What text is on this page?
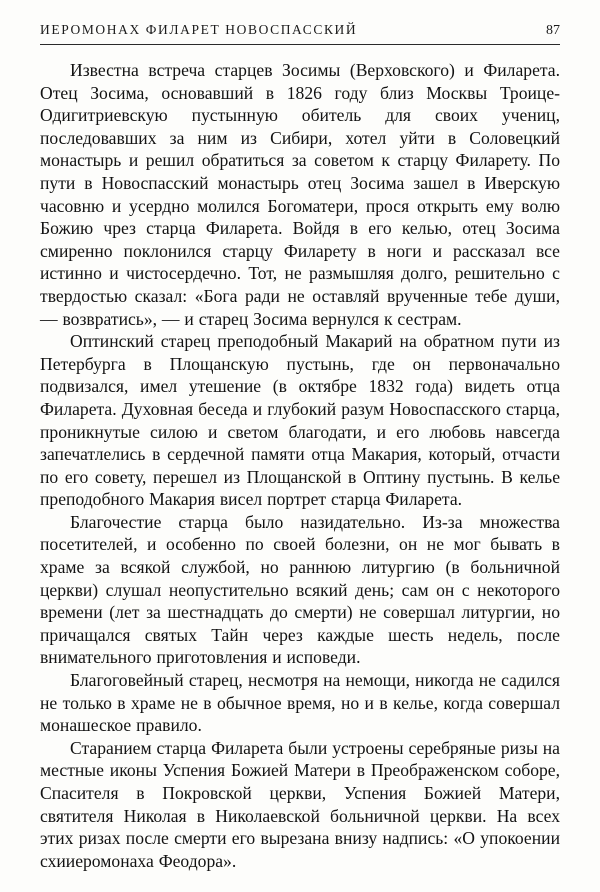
ИЕРОМОНАХ ФИЛАРЕТ НОВОСПАССКИЙ	87

Известна встреча старцев Зосимы (Верховского) и Филарета. Отец Зосима, основавший в 1826 году близ Москвы Троице-Одигитриевскую пустынную обитель для своих учениц, последовавших за ним из Сибири, хотел уйти в Соловецкий монастырь и решил обратиться за советом к старцу Филарету. По пути в Новоспасский монастырь отец Зосима зашел в Иверскую часовню и усердно молился Богоматери, прося открыть ему волю Божию чрез старца Филарета. Войдя в его келью, отец Зосима смиренно поклонился старцу Филарету в ноги и рассказал все истинно и чистосердечно. Тот, не размышляя долго, решительно с твердостью сказал: «Бога ради не оставляй врученные тебе души, — возвратись», — и старец Зосима вернулся к сестрам.

Оптинский старец преподобный Макарий на обратном пути из Петербурга в Площанскую пустынь, где он первоначально подвизался, имел утешение (в октябре 1832 года) видеть отца Филарета. Духовная беседа и глубокий разум Новоспасского старца, проникнутые силою и светом благодати, и его любовь навсегда запечатлелись в сердечной памяти отца Макария, который, отчасти по его совету, перешел из Площанской в Оптину пустынь. В келье преподобного Макария висел портрет старца Филарета.

Благочестие старца было назидательно. Из-за множества посетителей, и особенно по своей болезни, он не мог бывать в храме за всякой службой, но раннюю литургию (в больничной церкви) слушал неопустительно всякий день; сам он с некоторого времени (лет за шестнадцать до смерти) не совершал литургии, но причащался святых Тайн через каждые шесть недель, после внимательного приготовления и исповеди.

Благоговейный старец, несмотря на немощи, никогда не садился не только в храме не в обычное время, но и в келье, когда совершал монашеское правило.

Старанием старца Филарета были устроены серебряные ризы на местные иконы Успения Божией Матери в Преображенском соборе, Спасителя в Покровской церкви, Успения Божией Матери, святителя Николая в Николаевской больничной церкви. На всех этих ризах после смерти его вырезана внизу надпись: «О упокоении схииеромонаха Феодора».
